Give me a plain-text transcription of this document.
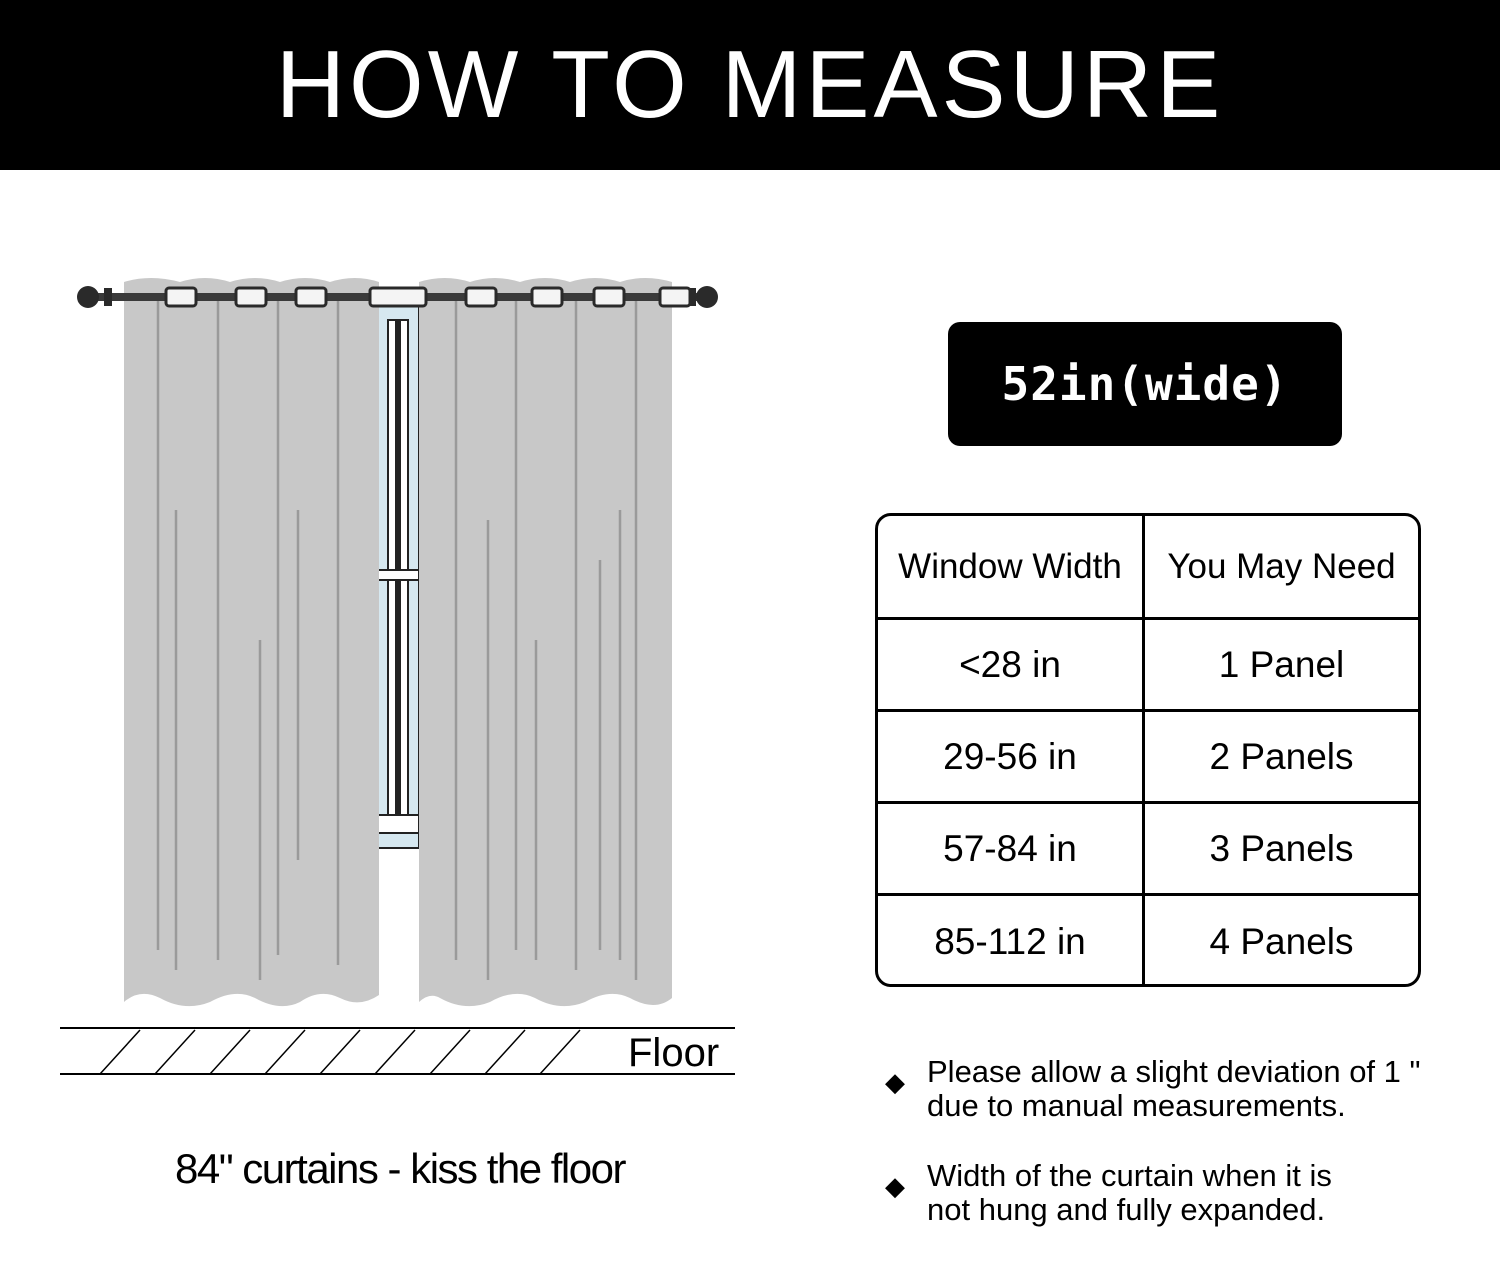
HOW TO MEASURE
Floor
84" curtains - kiss the floor
52in(wide)
Window Width	You May Need
<28 in	1 Panel
29-56 in	2 Panels
57-84 in	3 Panels
85-112 in	4 Panels
◆ Please allow a slight deviation of 1 "
due to manual measurements.
◆ Width of the curtain when it is
not hung and fully expanded.
